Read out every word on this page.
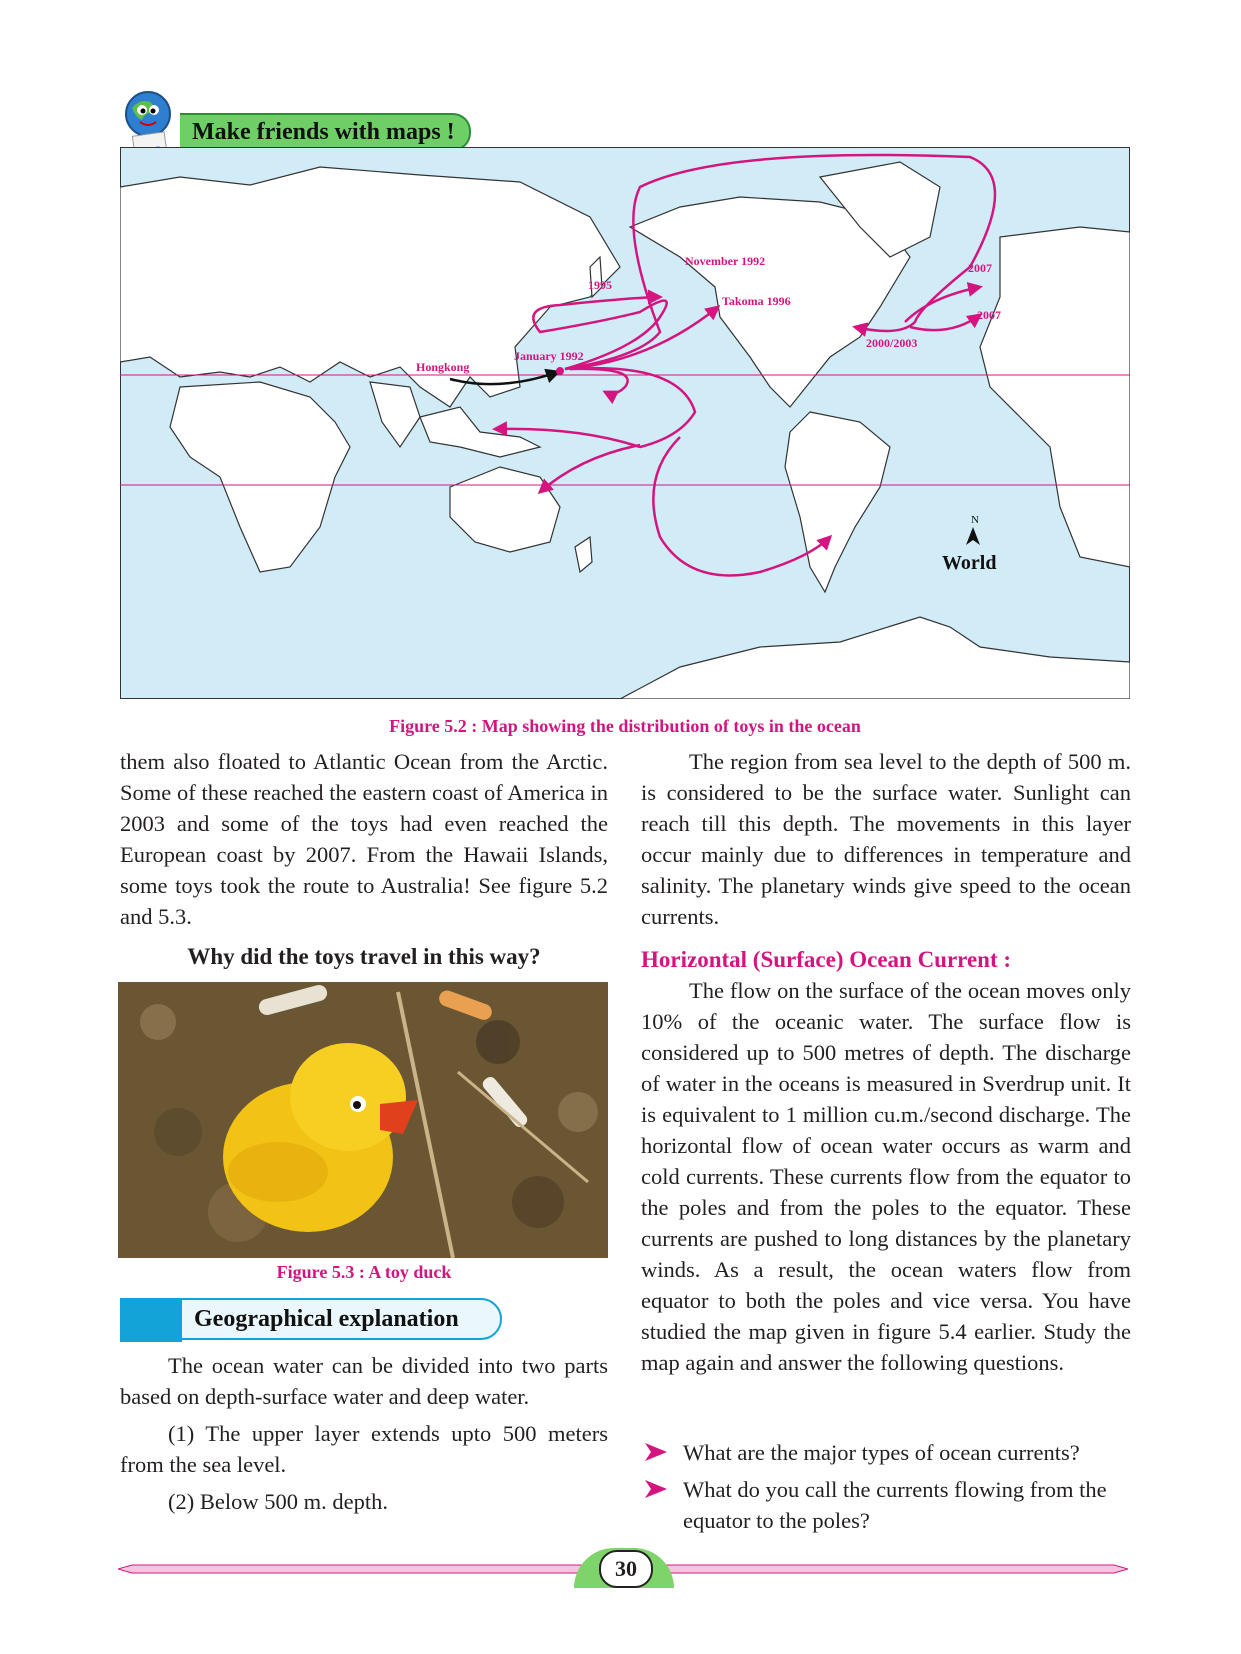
Make friends with maps !
November 1992
1995
Takoma 1996
2007
2007
2000/2003
January 1992
Hongkong
N
World
Figure 5.2 : Map showing the distribution of toys in the ocean

them also floated to Atlantic Ocean from the Arctic. Some of these reached the eastern coast of America in 2003 and some of the toys had even reached the European coast by 2007. From the Hawaii Islands, some toys took the route to Australia! See figure 5.2 and 5.3.

Why did the toys travel in this way?
Figure 5.3 : A toy duck
Geographical explanation

The ocean water can be divided into two parts based on depth-surface water and deep water.

(1) The upper layer extends upto 500 meters from the sea level.

(2) Below 500 m. depth.

The region from sea level to the depth of 500 m. is considered to be the surface water. Sunlight can reach till this depth. The movements in this layer occur mainly due to differences in temperature and salinity. The planetary winds give speed to the ocean currents.

Horizontal (Surface) Ocean Current :

The flow on the surface of the ocean moves only 10% of the oceanic water. The surface flow is considered up to 500 metres of depth. The discharge of water in the oceans is measured in Sverdrup unit. It is equivalent to 1 million cu.m./second discharge. The horizontal flow of ocean water occurs as warm and cold currents. These currents flow from the equator to the poles and from the poles to the equator. These currents are pushed to long distances by the planetary winds. As a result, the ocean waters flow from equator to both the poles and vice versa. You have studied the map given in figure 5.4 earlier. Study the map again and answer the following questions.

What are the major types of ocean currents?
What do you call the currents flowing from the equator to the poles?
30
